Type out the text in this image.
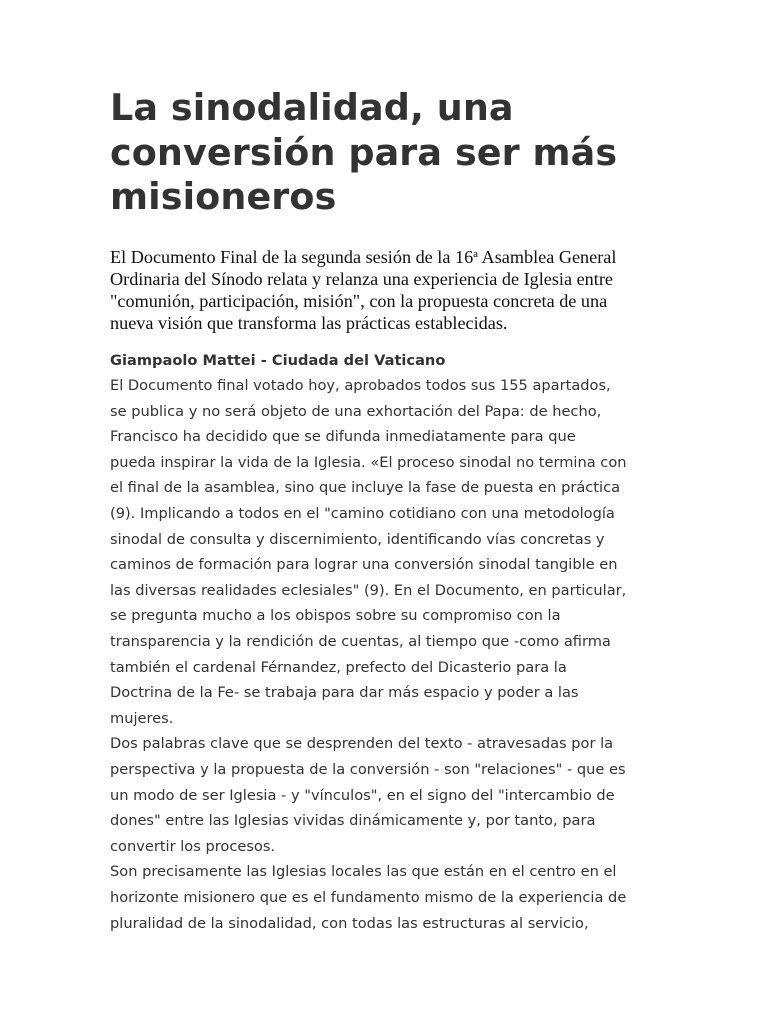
La sinodalidad, una
conversión para ser más
misioneros

El Documento Final de la segunda sesión de la 16$^a$ Asamblea General
Ordinaria del Sínodo relata y relanza una experiencia de Iglesia entre
"comunión, participación, misión", con la propuesta concreta de una
nueva visión que transforma las prácticas establecidas.

Giampaolo Mattei - Ciudada del Vaticano

El Documento final votado hoy, aprobados todos sus 155 apartados,
se publica y no será objeto de una exhortación del Papa: de hecho,
Francisco ha decidido que se difunda inmediatamente para que
pueda inspirar la vida de la Iglesia. «El proceso sinodal no termina con
el final de la asamblea, sino que incluye la fase de puesta en práctica
(9). Implicando a todos en el "camino cotidiano con una metodología
sinodal de consulta y discernimiento, identificando vías concretas y
caminos de formación para lograr una conversión sinodal tangible en
las diversas realidades eclesiales" (9). En el Documento, en particular,
se pregunta mucho a los obispos sobre su compromiso con la
transparencia y la rendición de cuentas, al tiempo que -como afirma
también el cardenal Férnandez, prefecto del Dicasterio para la
Doctrina de la Fe- se trabaja para dar más espacio y poder a las
mujeres.

Dos palabras clave que se desprenden del texto - atravesadas por la
perspectiva y la propuesta de la conversión - son "relaciones" - que es
un modo de ser Iglesia - y "vínculos", en el signo del "intercambio de
dones" entre las Iglesias vividas dinámicamente y, por tanto, para
convertir los procesos.

Son precisamente las Iglesias locales las que están en el centro en el
horizonte misionero que es el fundamento mismo de la experiencia de
pluralidad de la sinodalidad, con todas las estructuras al servicio,
